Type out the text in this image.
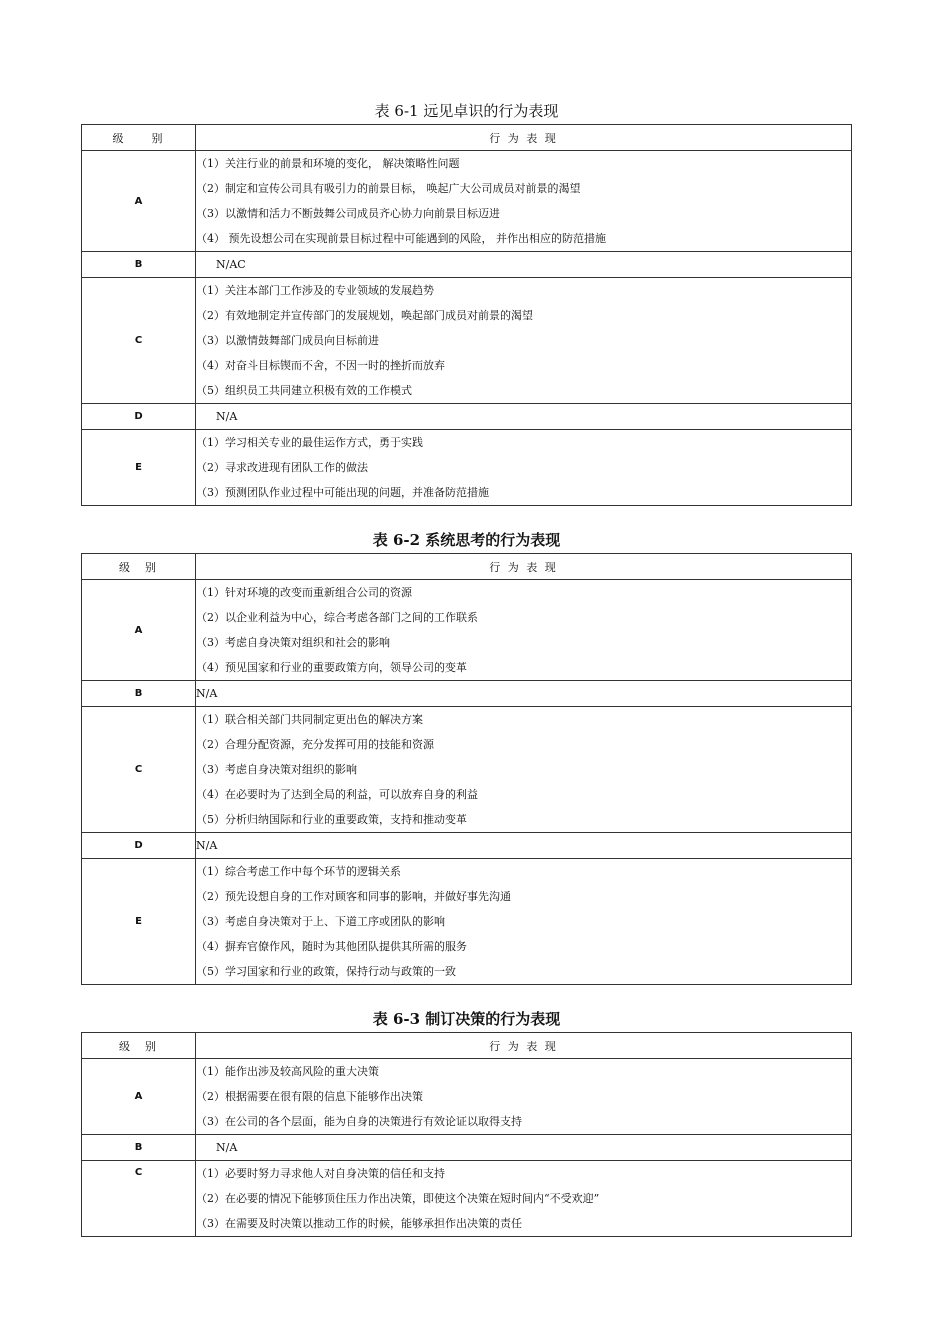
表 6-1 远见卓识的行为表现
级　　别	行 为 表 现
A	（1）关注行业的前景和环境的变化， 解决策略性问题
（2）制定和宣传公司具有吸引力的前景目标， 唤起广大公司成员对前景的渴望
（3）以激情和活力不断鼓舞公司成员齐心协力向前景目标迈进
（4） 预先设想公司在实现前景目标过程中可能遇到的风险， 并作出相应的防范措施

B	N/AC

C	（1）关注本部门工作涉及的专业领域的发展趋势
（2）有效地制定并宣传部门的发展规划，唤起部门成员对前景的渴望
（3）以激情鼓舞部门成员向目标前进
（4）对奋斗目标锲而不舍，不因一时的挫折而放弃
（5）组织员工共同建立积极有效的工作模式

D	N/A

E	（1）学习相关专业的最佳运作方式，勇于实践
（2）寻求改进现有团队工作的做法
（3）预测团队作业过程中可能出现的问题，并准备防范措施
表 6-2 系统思考的行为表现
级　别	行 为 表 现
A	（1）针对环境的改变而重新组合公司的资源
（2）以企业利益为中心，综合考虑各部门之间的工作联系
（3）考虑自身决策对组织和社会的影响
（4）预见国家和行业的重要政策方向，领导公司的变革

B	N/A

C	（1）联合相关部门共同制定更出色的解决方案
（2）合理分配资源，充分发挥可用的技能和资源
（3）考虑自身决策对组织的影响
（4）在必要时为了达到全局的利益，可以放弃自身的利益
（5）分析归纳国际和行业的重要政策，支持和推动变革

D	N/A

E	（1）综合考虑工作中每个环节的逻辑关系
（2）预先设想自身的工作对顾客和同事的影响，并做好事先沟通
（3）考虑自身决策对于上、下道工序或团队的影响
（4）摒弃官僚作风，随时为其他团队提供其所需的服务
（5）学习国家和行业的政策，保持行动与政策的一致
表 6-3 制订决策的行为表现
级　别	行 为 表 现
A	（1）能作出涉及较高风险的重大决策
（2）根据需要在很有限的信息下能够作出决策
（3）在公司的各个层面，能为自身的决策进行有效论证以取得支持

B	N/A

C	（1）必要时努力寻求他人对自身决策的信任和支持
（2）在必要的情况下能够顶住压力作出决策，即使这个决策在短时间内“不受欢迎”
（3）在需要及时决策以推动工作的时候，能够承担作出决策的责任
